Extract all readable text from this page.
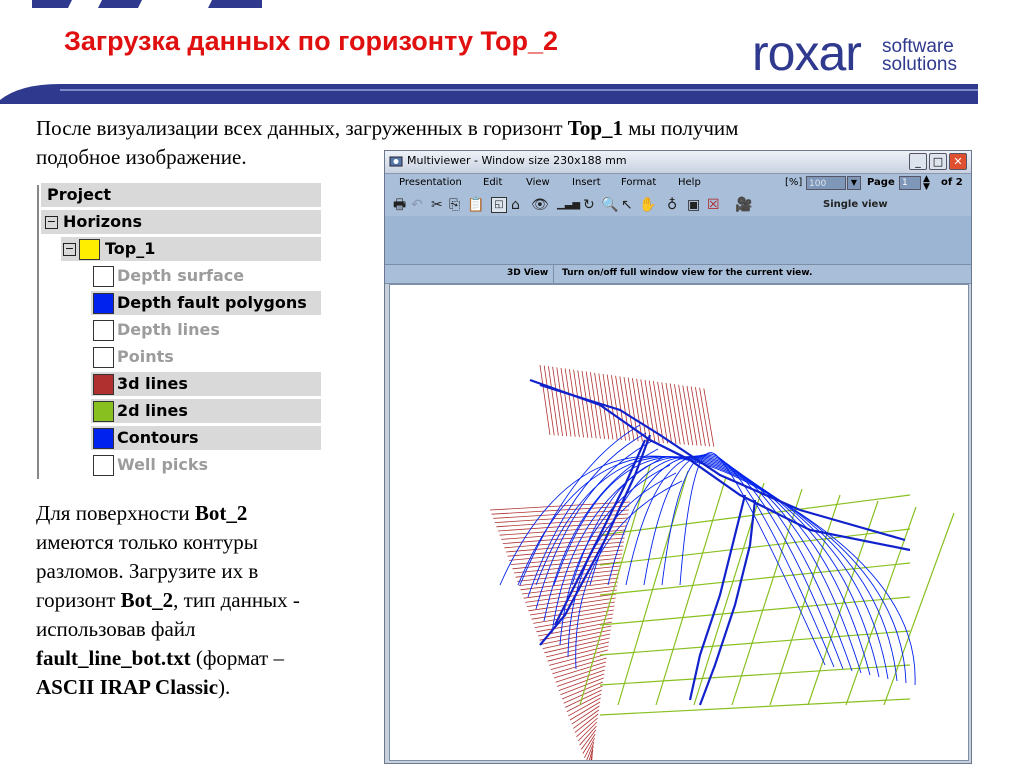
Загрузка данных по горизонту Top_2	roxar software
solutions
После визуализации всех данных, загруженных в горизонт Top_1 мы получим
подобное изображение.
Project
− Horizons
− Top_1
Depth surface
Depth fault polygons
Depth lines
Points
3d lines
2d lines
Contours
Well picks
Для поверхности Bot_2
имеются только контуры
разломов. Загрузите их в
горизонт Bot_2, тип данных -
использовав файл
fault_line_bot.txt (формат –
ASCII IRAP Classic).
Multiviewer - Window size 230x188 mm	_	□ ✕
Presentation Edit View Insert Format Help	[%] 100	▼ Page 1	▲
▼ of 2
🖶 ↶ ✂ ⎘ 📋 ◱ ⌂ 👁 ▁▃▅ ↻ 🔍 ↖ ✋ ♁ ▣ ☒ 🎥	Single view
3D View Turn on/off full window view for the current view.
